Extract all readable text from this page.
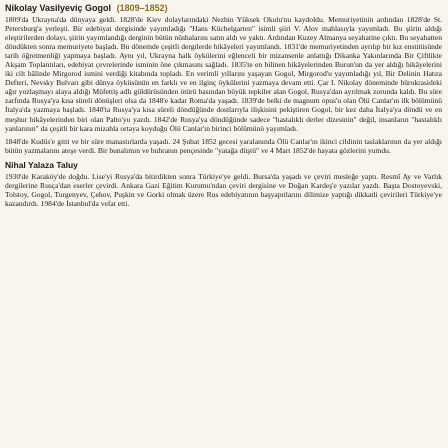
Nikolay Vasilyeviç Gogol (1809–1852)

1809'da Ukrayna'da dünyaya geldi. 1828'de Kiev dolaylarındaki Nezhin Yüksek Okulu'nu kaydoldu. Memuriyetinin ardından 1828'de St. Petersburg'a yerleşti. Bir edebiyat dergisinde yayımladığı "Hans Küchelgarten" isimli şiiri V. Alov mahlasıyla yayımladı. Bu şiirin aldığı eleştirilerden dolayı, şiirin yayımlandığı derginin bütün nüshalarını satın aldı ve yaktı. Ardından Kuzey Almanya seyahatine çıktı. Bu seyahatten döndükten sonra memuriyete başladı. Bu dönemde çeşitli dergilerde hikâyeleri yayımlandı. 1831'de memuriyetinden ayrılıp bir kız enstitüsünde tarih öğretmenliği yapmaya başladı. Aynı yıl, Ukrayna halk öykülerini eğlenceli bir mizansenle anlattığı Dikanka Yakınlarında Bir Çiftlikte Akşam Toplantıları, edebiyat çevrelerinde isminin öne çıkmasını sağladı. 1835'te en bilinen hikâyelerinden Burun'un da yer aldığı hikâyelerini iki cilt hâlinde Mirgorod ismini verdiği kitabında topladı. En verimli yıllarını yaşayan Gogol, Mirgorod'u yayımladığı yıl, Bir Delinin Hatıra Defteri, Nevsky Bulvarı gibi dünya öyküsünün en farklı ve en ilginç öykülerini yazmaya devam etti. Çar I. Nikolay döneminde bürokrasideki ağır yozlaşmayı alaya aldığı Müfettiş adlı güldürüsünden ötürü basından büyük tepkiler alan Gogol, Rusya'dan ayrılmak zorunda kaldı. Bu süre zarfında Rusya'ya kısa süreli dönüşleri olsa da 1848'e kadar Roma'da yaşadı. 1839'de belki de magnum opus'u olan Ölü Canlar'ın ilk bölümünü İtalya'da yazmaya başladı. 1840'ta Rusya'ya kısa süreli döndüğünde dostlarıyla ilişkisini pekiştiren Gogol, bir kez daha İtalya'ya döndü ve en meşhur hikâyelerinden biri olan Palto'yu yazdı. 1842'de Rusya'ya döndüğünde sadece "hastalıklı derler dizesinin" değil, insanların "hastalıklı yanlarının" da çeşitli bir kara mizahla ortaya koyduğu Ölü Canlar'ın birinci bölümünü yayımladı.

1848'de Kudüs'e gitti ve bir süre manastırlarda yaşadı. 24 Şubat 1852 gecesi yaralanında Ölü Canlar'ın ikinci cildinin taslaklarının da yer aldığı bütün yazmalarını ateşe verdi. Bir bunalımın ve buhranın pençesinde "yatağa düştü" ve 4 Mart 1852'de hayata gözlerini yumdu.

Nihal Yalaza Taluy

1930'de Karaköy'de doğdu. Lise'yi Rusya'da bitirdikten sonra Türkiye'ye geldi. Bursa'da yaşadı ve çeviri mesleğe yaptı. Resmî Ay ve Varlık dergilerine Rusça'dan eserler çevirdi. Ankara Gazi Eğitim Kurumu'ndan çeviri dergisine ve Doğan Kardeş'e yazılar yazdı. Başta Dostoyevski, Tolstoy, Gogol, Turgenyev, Çehov, Puşkin ve Gorki olmak üzere Rus edebiyatının başyapıtlarını dilimize yaptığı dikkatli çevirileri Türkiye'ye kazandırdı. 1984'de İstanbul'da vefat etti.
